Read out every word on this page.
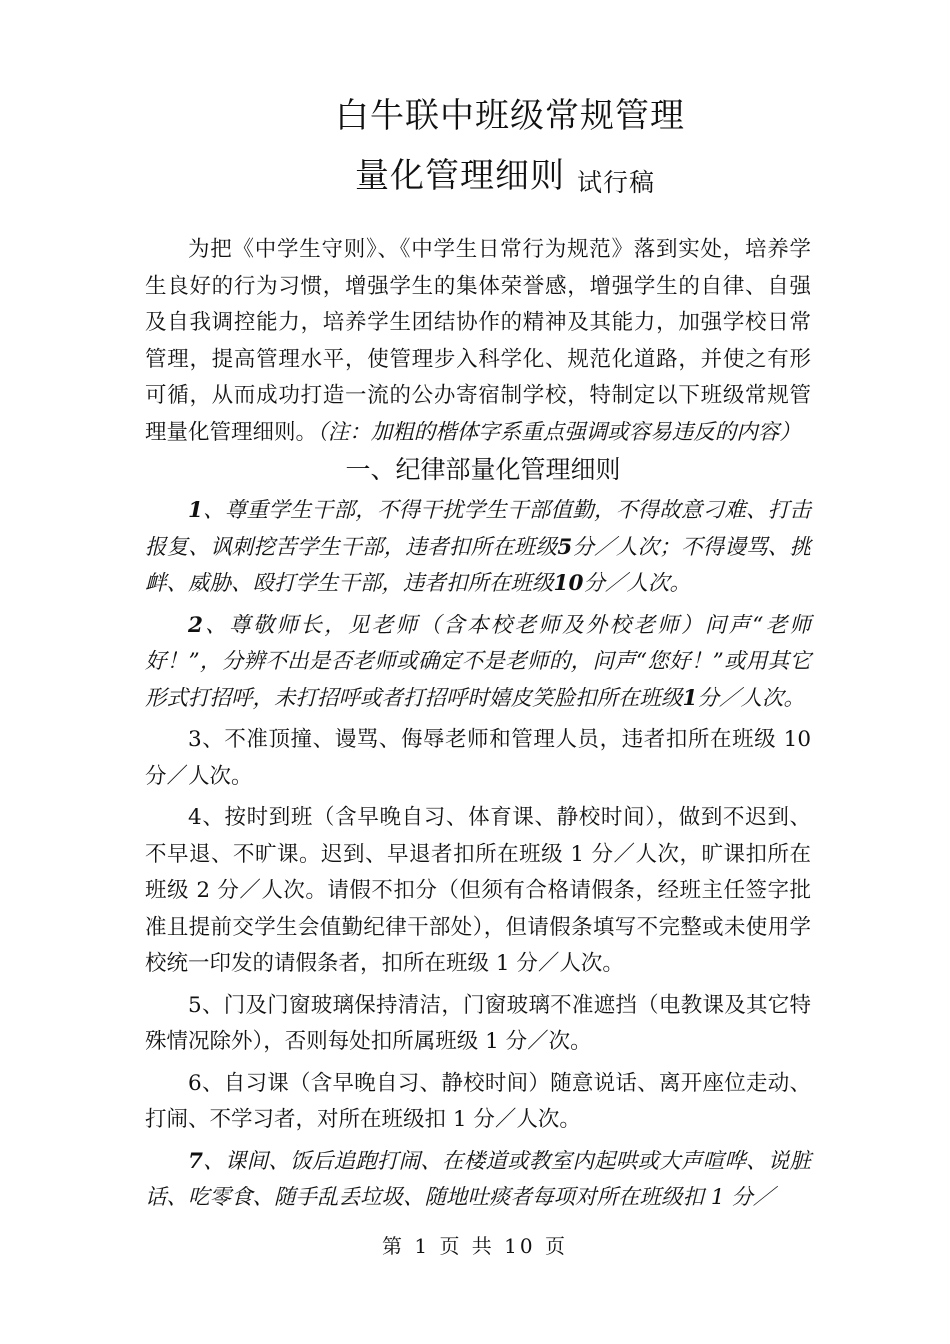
白牛联中班级常规管理
量化管理细则 试行稿

为把《中学生守则》、《中学生日常行为规范》落到实处，培养学生良好的行为习惯，增强学生的集体荣誉感，增强学生的自律、自强及自我调控能力，培养学生团结协作的精神及其能力，加强学校日常管理，提高管理水平，使管理步入科学化、规范化道路，并使之有形可循，从而成功打造一流的公办寄宿制学校，特制定以下班级常规管理量化管理细则。（注：加粗的楷体字系重点强调或容易违反的内容）

一、纪律部量化管理细则

1、尊重学生干部，不得干扰学生干部值勤，不得故意刁难、打击报复、讽刺挖苦学生干部，违者扣所在班级5分／人次；不得谩骂、挑衅、威胁、殴打学生干部，违者扣所在班级10分／人次。

2、尊敬师长，见老师（含本校老师及外校老师）问声“老师好！”，分辨不出是否老师或确定不是老师的，问声“您好！”或用其它形式打招呼，未打招呼或者打招呼时嬉皮笑脸扣所在班级1分／人次。

3、不准顶撞、谩骂、侮辱老师和管理人员，违者扣所在班级 10 分／人次。

4、按时到班（含早晚自习、体育课、静校时间），做到不迟到、不早退、不旷课。迟到、早退者扣所在班级 1 分／人次，旷课扣所在班级 2 分／人次。请假不扣分（但须有合格请假条，经班主任签字批准且提前交学生会值勤纪律干部处），但请假条填写不完整或未使用学校统一印发的请假条者，扣所在班级 1 分／人次。

5、门及门窗玻璃保持清洁，门窗玻璃不准遮挡（电教课及其它特殊情况除外），否则每处扣所属班级 1 分／次。

6、自习课（含早晚自习、静校时间）随意说话、离开座位走动、打闹、不学习者，对所在班级扣 1 分／人次。

7、课间、饭后追跑打闹、在楼道或教室内起哄或大声喧哗、说脏话、吃零食、随手乱丢垃圾、随地吐痰者每项对所在班级扣 1 分／

第 1 页 共 10 页
